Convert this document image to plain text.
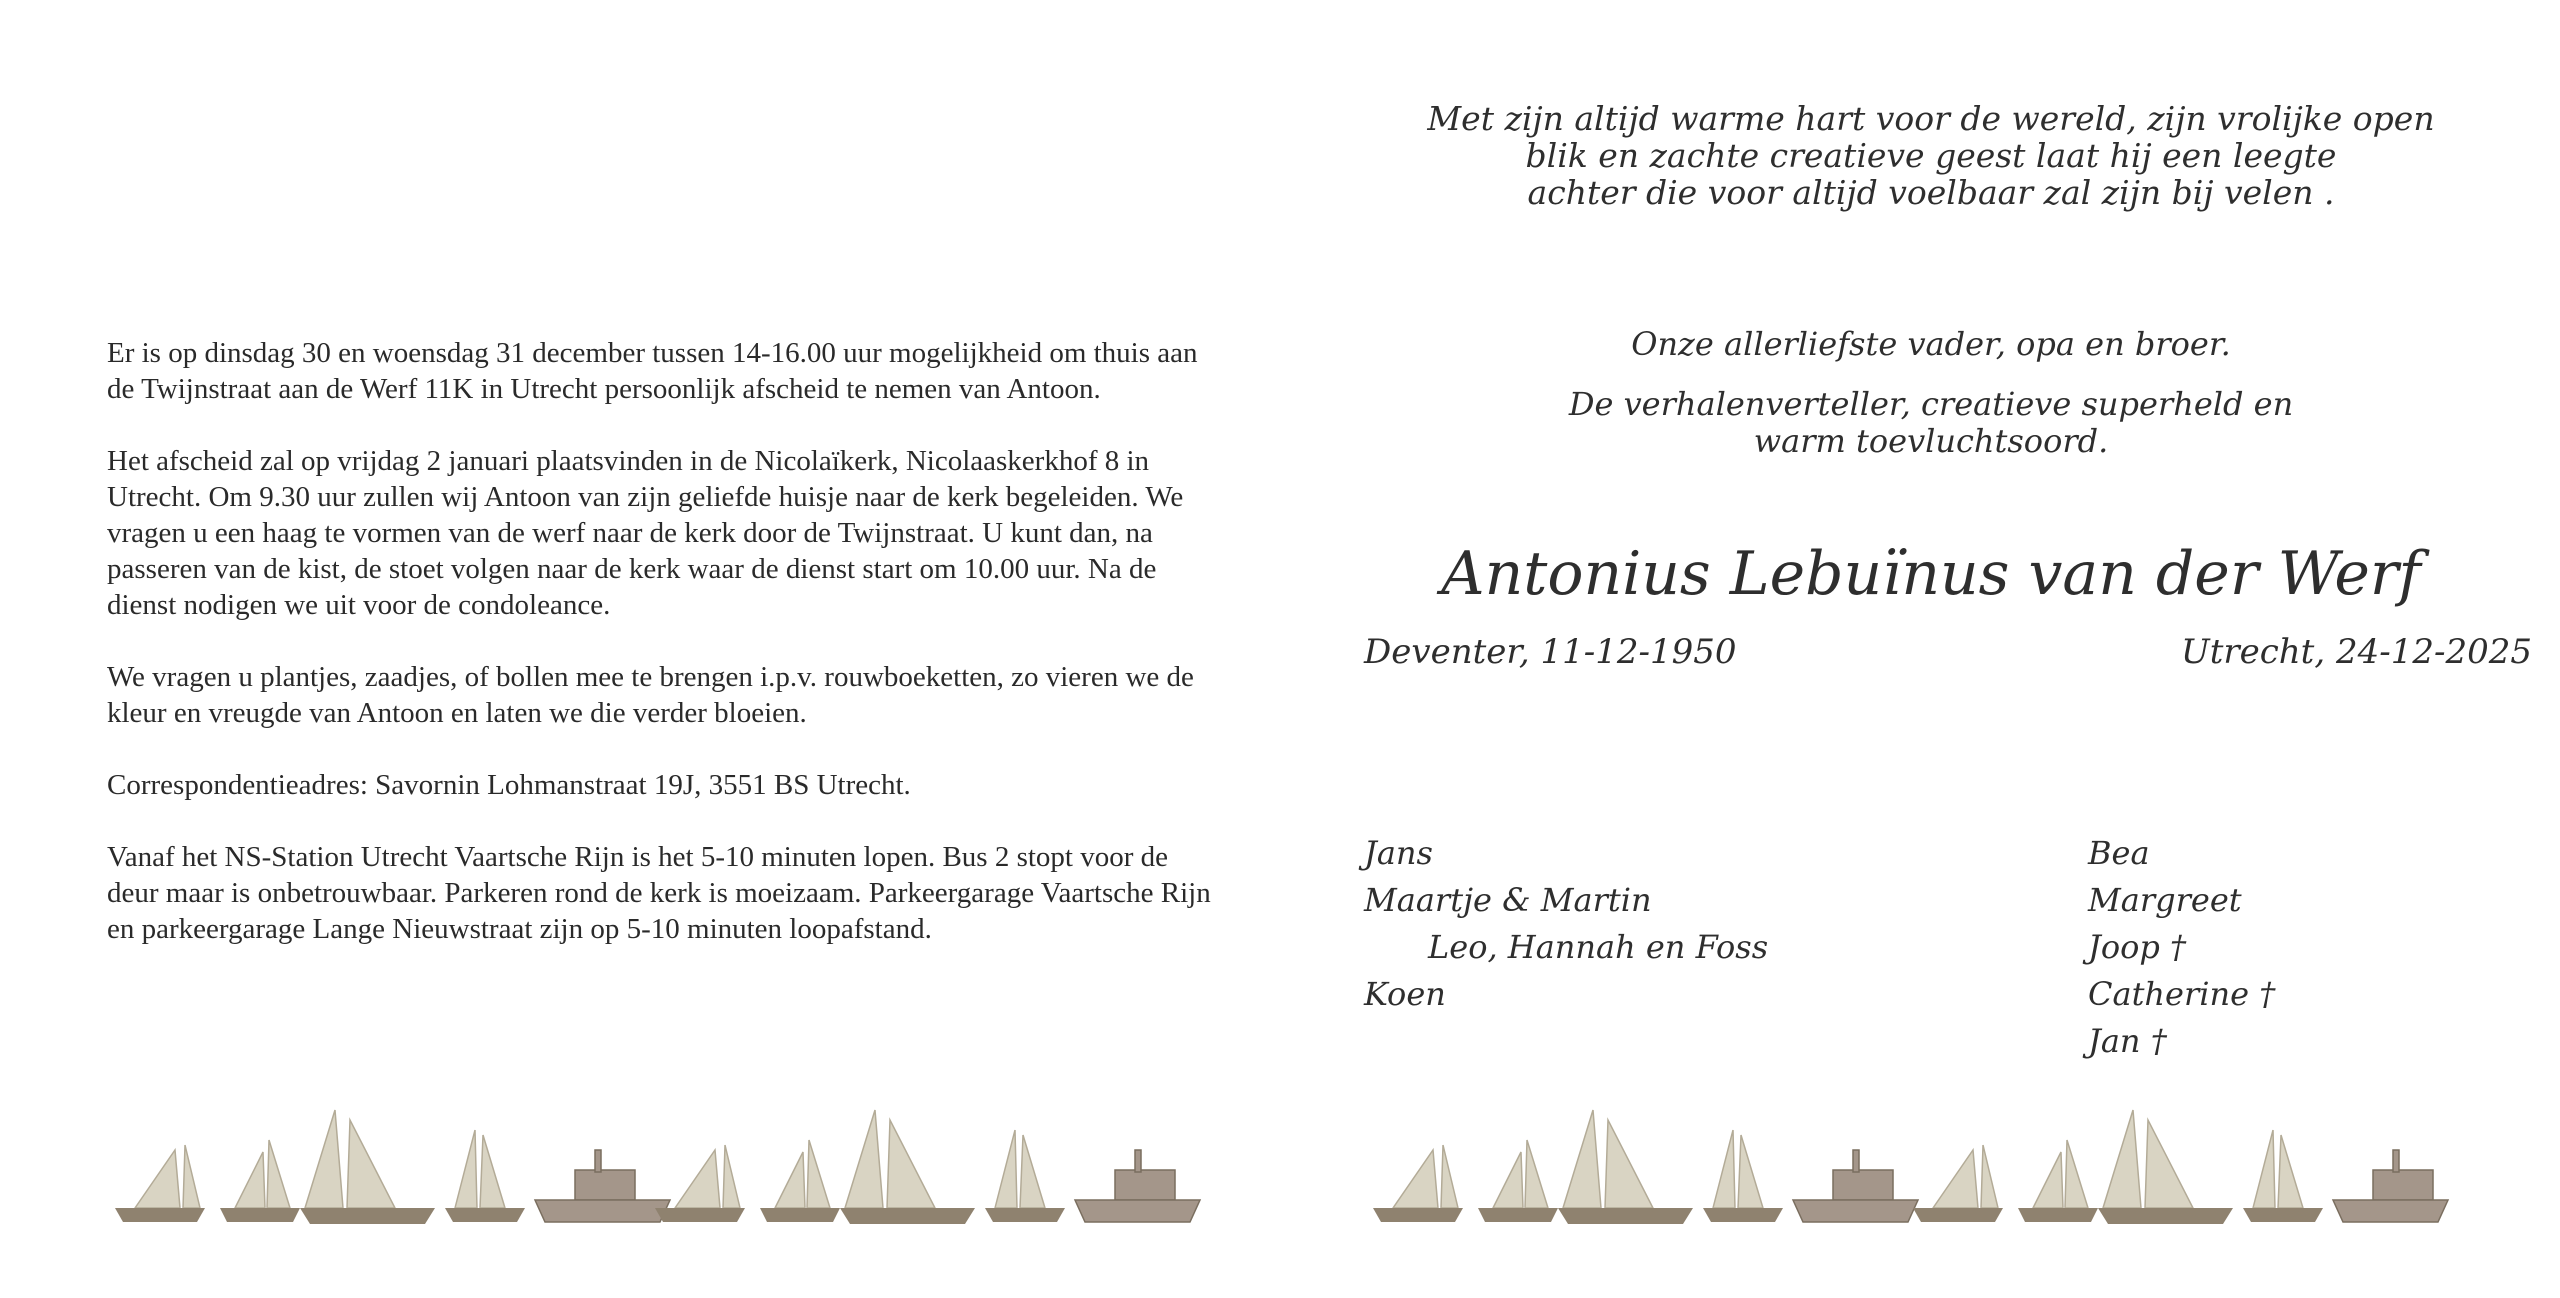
Er is op dinsdag 30 en woensdag 31 december tussen 14-16.00 uur mogelijkheid om thuis aan de Twijnstraat aan de Werf 11K in Utrecht persoonlijk afscheid te nemen van Antoon.

Het afscheid zal op vrijdag 2 januari plaatsvinden in de Nicolaïkerk, Nicolaaskerkhof 8 in Utrecht. Om 9.30 uur zullen wij Antoon van zijn geliefde huisje naar de kerk begeleiden. We vragen u een haag te vormen van de werf naar de kerk door de Twijnstraat. U kunt dan, na passeren van de kist, de stoet volgen naar de kerk waar de dienst start om 10.00 uur. Na de dienst nodigen we uit voor de condoleance.

We vragen u plantjes, zaadjes, of bollen mee te brengen i.p.v. rouwboeketten, zo vieren we de kleur en vreugde van Antoon en laten we die verder bloeien.

Correspondentieadres: Savornin Lohmanstraat 19J, 3551 BS Utrecht.

Vanaf het NS-Station Utrecht Vaartsche Rijn is het 5-10 minuten lopen. Bus 2 stopt voor de deur maar is onbetrouwbaar. Parkeren rond de kerk is moeizaam. Parkeergarage Vaartsche Rijn en parkeergarage Lange Nieuwstraat zijn op 5-10 minuten loopafstand.

Met zijn altijd warme hart voor de wereld, zijn vrolijke open
blik en zachte creatieve geest laat hij een leegte
achter die voor altijd voelbaar zal zijn bij velen .
Onze allerliefste vader, opa en broer.
De verhalenverteller, creatieve superheld en
warm toevluchtsoord.
Antonius Lebuïnus van der Werf
Deventer, 11-12-1950	Utrecht, 24-12-2025
Jans
Maartje & Martin
Leo, Hannah en Foss
Koen
Bea
Margreet
Joop †
Catherine †
Jan †
